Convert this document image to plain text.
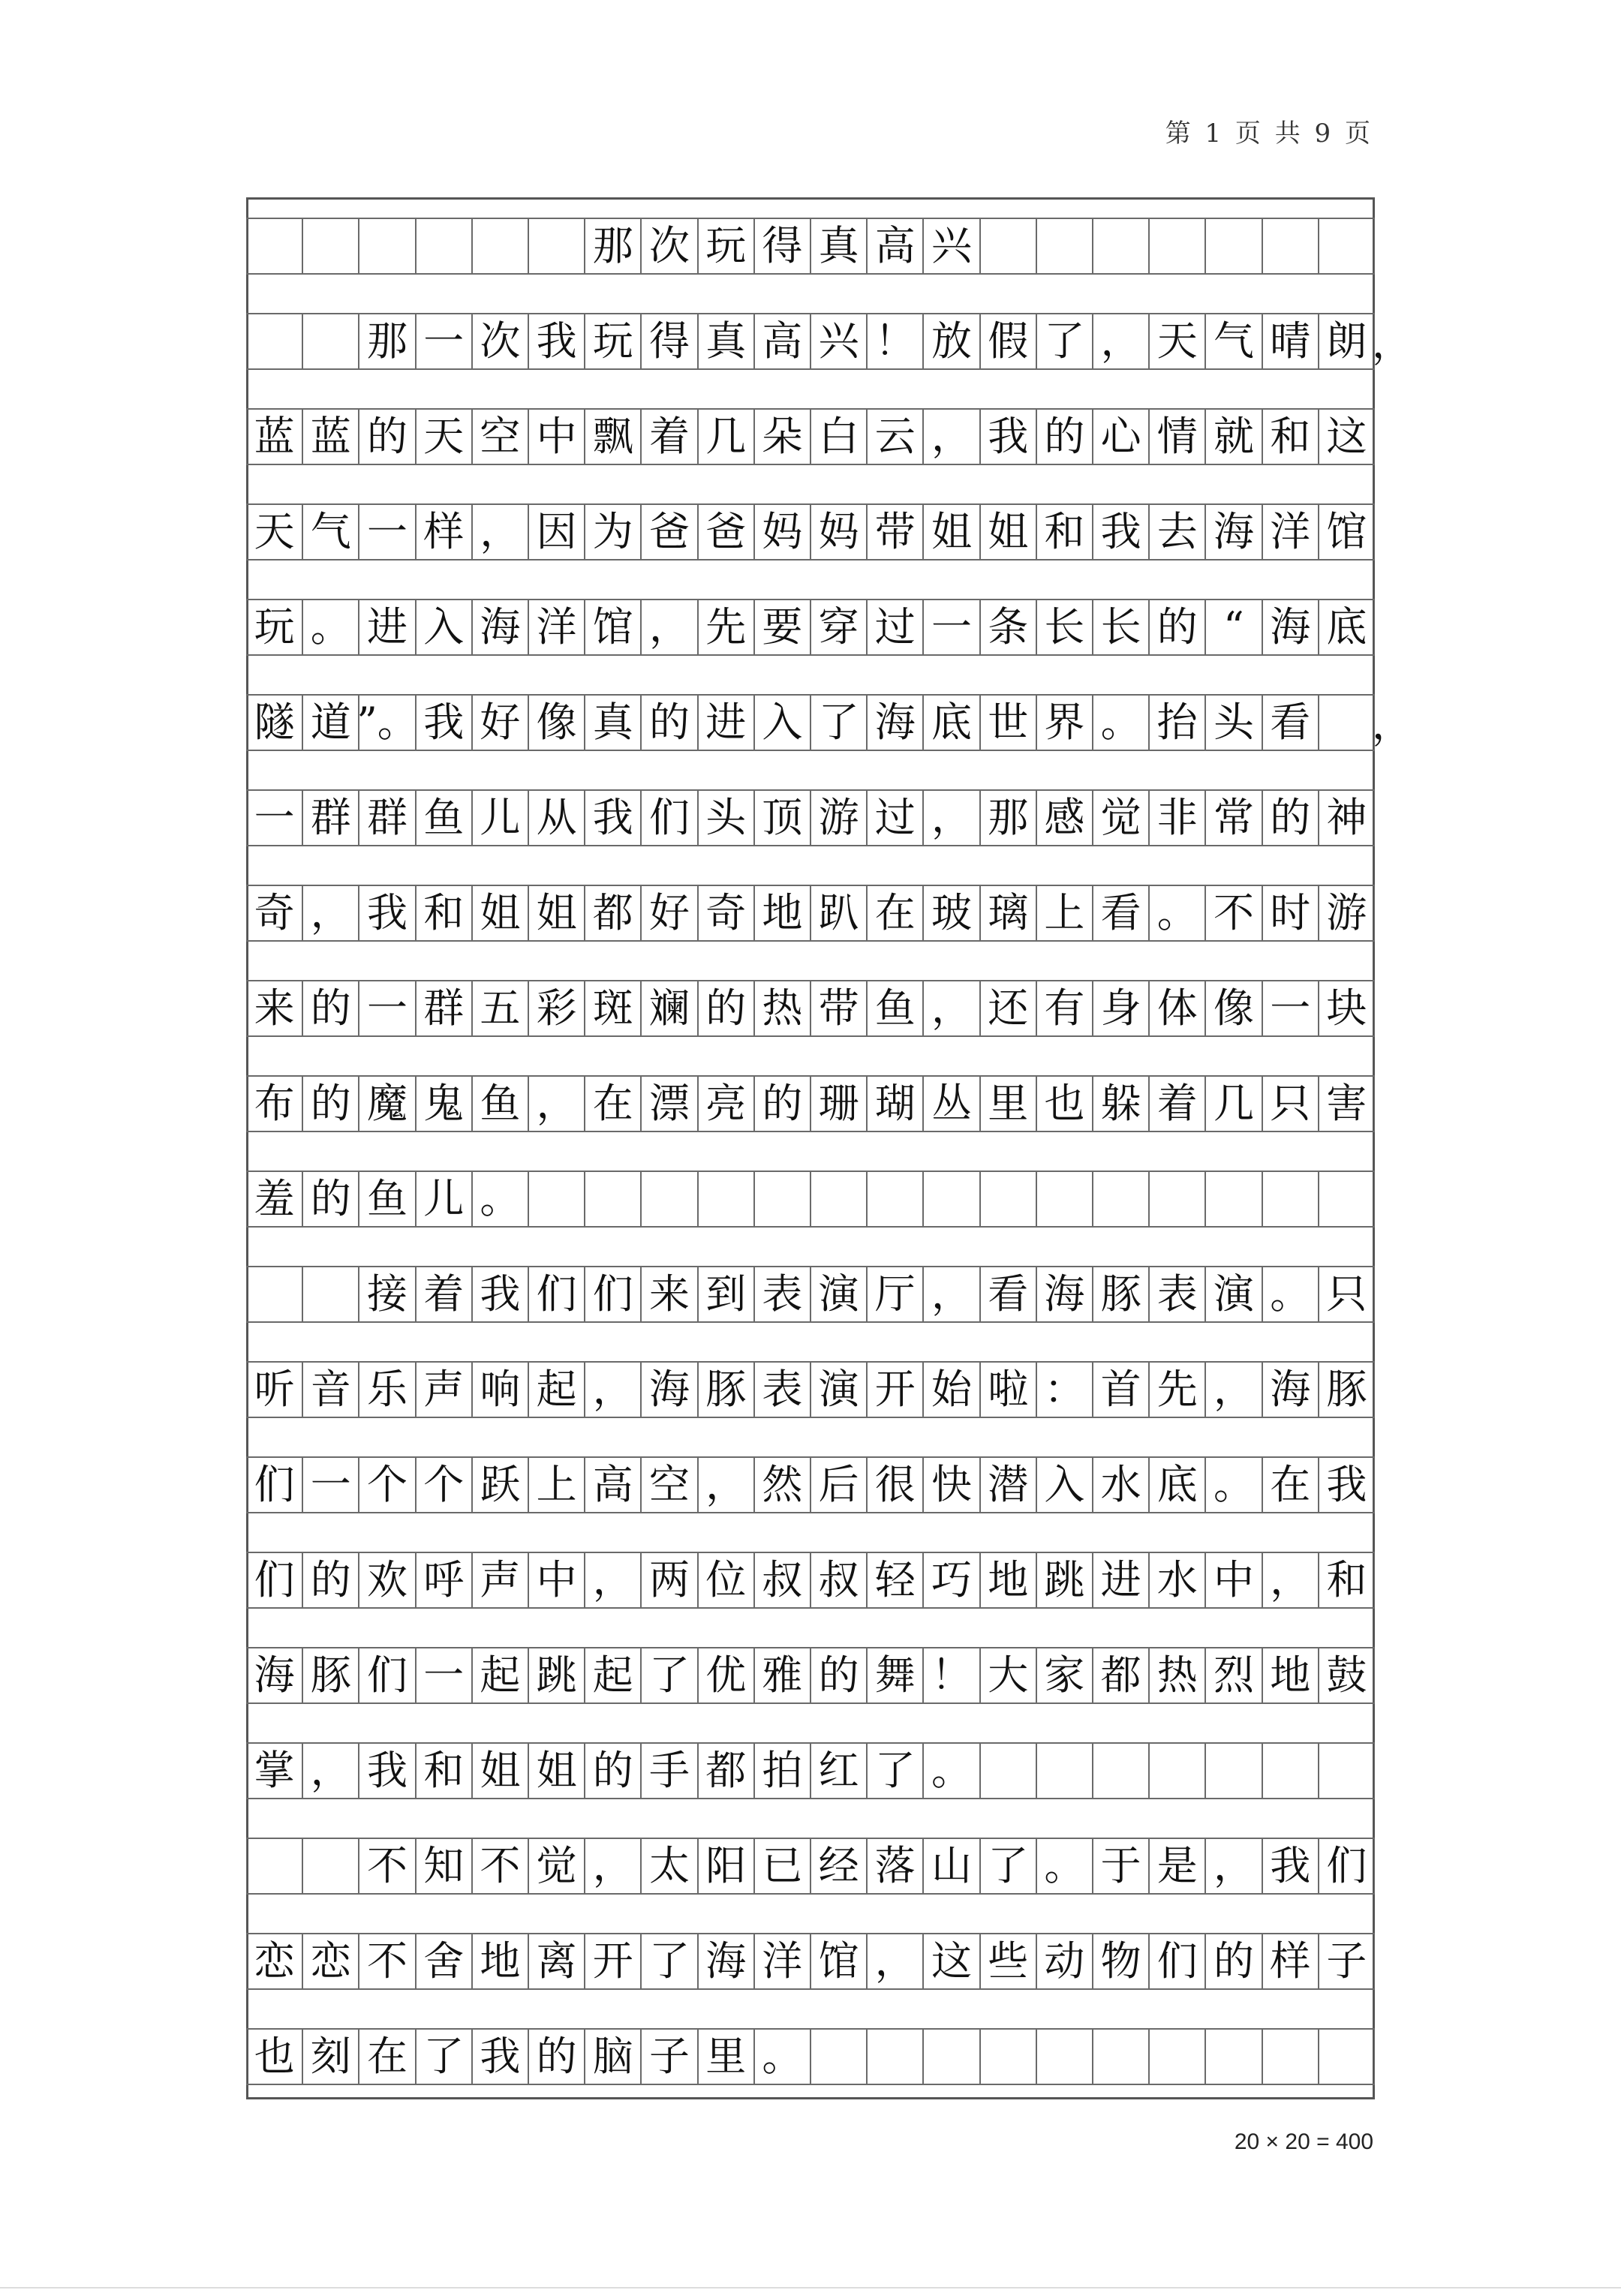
第 1 页 共 9 页
那 次 玩 得 真 高 兴
那 一 次 我 玩 得 真 高 兴 ！ 放 假 了 ， 天 气 晴 朗 ，
蓝 蓝 的 天 空 中 飘 着 几 朵 白 云 ， 我 的 心 情 就 和 这
天 气 一 样 ， 因 为 爸 爸 妈 妈 带 姐 姐 和 我 去 海 洋 馆
玩 。 进 入 海 洋 馆 ， 先 要 穿 过 一 条 长 长 的 “ 海 底
隧 道 ”。 我 好 像 真 的 进 入 了 海 底 世 界 。 抬 头 看 ，
一 群 群 鱼 儿 从 我 们 头 顶 游 过 ， 那 感 觉 非 常 的 神
奇 ， 我 和 姐 姐 都 好 奇 地 趴 在 玻 璃 上 看 。 不 时 游
来 的 一 群 五 彩 斑 斓 的 热 带 鱼 ， 还 有 身 体 像 一 块
布 的 魔 鬼 鱼 ， 在 漂 亮 的 珊 瑚 丛 里 也 躲 着 几 只 害
羞 的 鱼 儿 。
接 着 我 们 们 来 到 表 演 厅 ， 看 海 豚 表 演 。 只
听 音 乐 声 响 起 ， 海 豚 表 演 开 始 啦 ： 首 先 ， 海 豚
们 一 个 个 跃 上 高 空 ， 然 后 很 快 潜 入 水 底 。 在 我
们 的 欢 呼 声 中 ， 两 位 叔 叔 轻 巧 地 跳 进 水 中 ， 和
海 豚 们 一 起 跳 起 了 优 雅 的 舞 ！ 大 家 都 热 烈 地 鼓
掌 ， 我 和 姐 姐 的 手 都 拍 红 了 。
不 知 不 觉 ， 太 阳 已 经 落 山 了 。 于 是 ， 我 们
恋 恋 不 舍 地 离 开 了 海 洋 馆 ， 这 些 动 物 们 的 样 子
也 刻 在 了 我 的 脑 子 里 。
20 × 20 = 400
